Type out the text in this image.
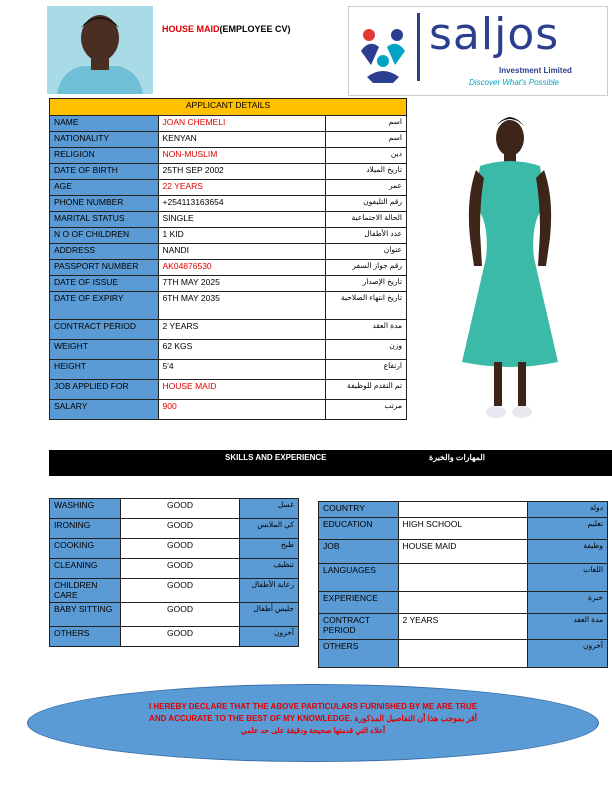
HOUSE MAID(EMPLOYEE CV)	saljos
Investment Limited
Discover What's Possible
APPLICANT DETAILS		
NAME	JOAN CHEMELI	اسم
NATIONALITY	KENYAN	اسم
RELIGION	NON-MUSLIM	دين
DATE OF BIRTH	25TH SEP 2002	تاريخ الميلاد
AGE	22 YEARS	عمر
PHONE NUMBER	+254113163654	رقم التليفون
MARITAL STATUS	SINGLE	الحالة الاجتماعية
N O OF CHILDREN	1 KID	عدد الأطفال
ADDRESS	NANDI	عنوان
PASSPORT NUMBER	AK04876530	رقم جواز السفر
DATE OF ISSUE	7TH MAY 2025	تاريخ الإصدار
DATE OF EXPIRY	6TH MAY 2035	تاريخ انتهاء الصلاحية
CONTRACT PERIOD	2 YEARS	مدة العقد
WEIGHT	62 KGS	وزن
HEIGHT	5'4	ارتفاع
JOB APPLIED FOR	HOUSE MAID	تم التقدم للوظيفة
SALARY	900	مرتب
SKILLS AND EXPERIENCE	المهارات والخبرة
WASHING	GOOD	غسل
IRONING	GOOD	كي الملابس
COOKING	GOOD	طبخ
CLEANING	GOOD	تنظيف
CHILDREN CARE	GOOD	رعاية الأطفال
BABY SITTING	GOOD	جليس أطفال
OTHERS	GOOD	آخرون
COUNTRY		دولة
EDUCATION	HIGH SCHOOL	تعليم
JOB	HOUSE MAID	وظيفة
LANGUAGES		اللغات
EXPERIENCE		خبرة
CONTRACT PERIOD	2 YEARS	مدة العقد
OTHERS		آخرون
I HEREBY DECLARE THAT THE ABOVE PARTICULARS FURNISHED BY ME ARE TRUE
AND ACCURATE TO THE BEST OF MY KNOWLEDGE. أقر بموجب هذا أن التفاصيل المذكورة
أعلاه التي قدمتها صحيحة ودقيقة على حد علمي
